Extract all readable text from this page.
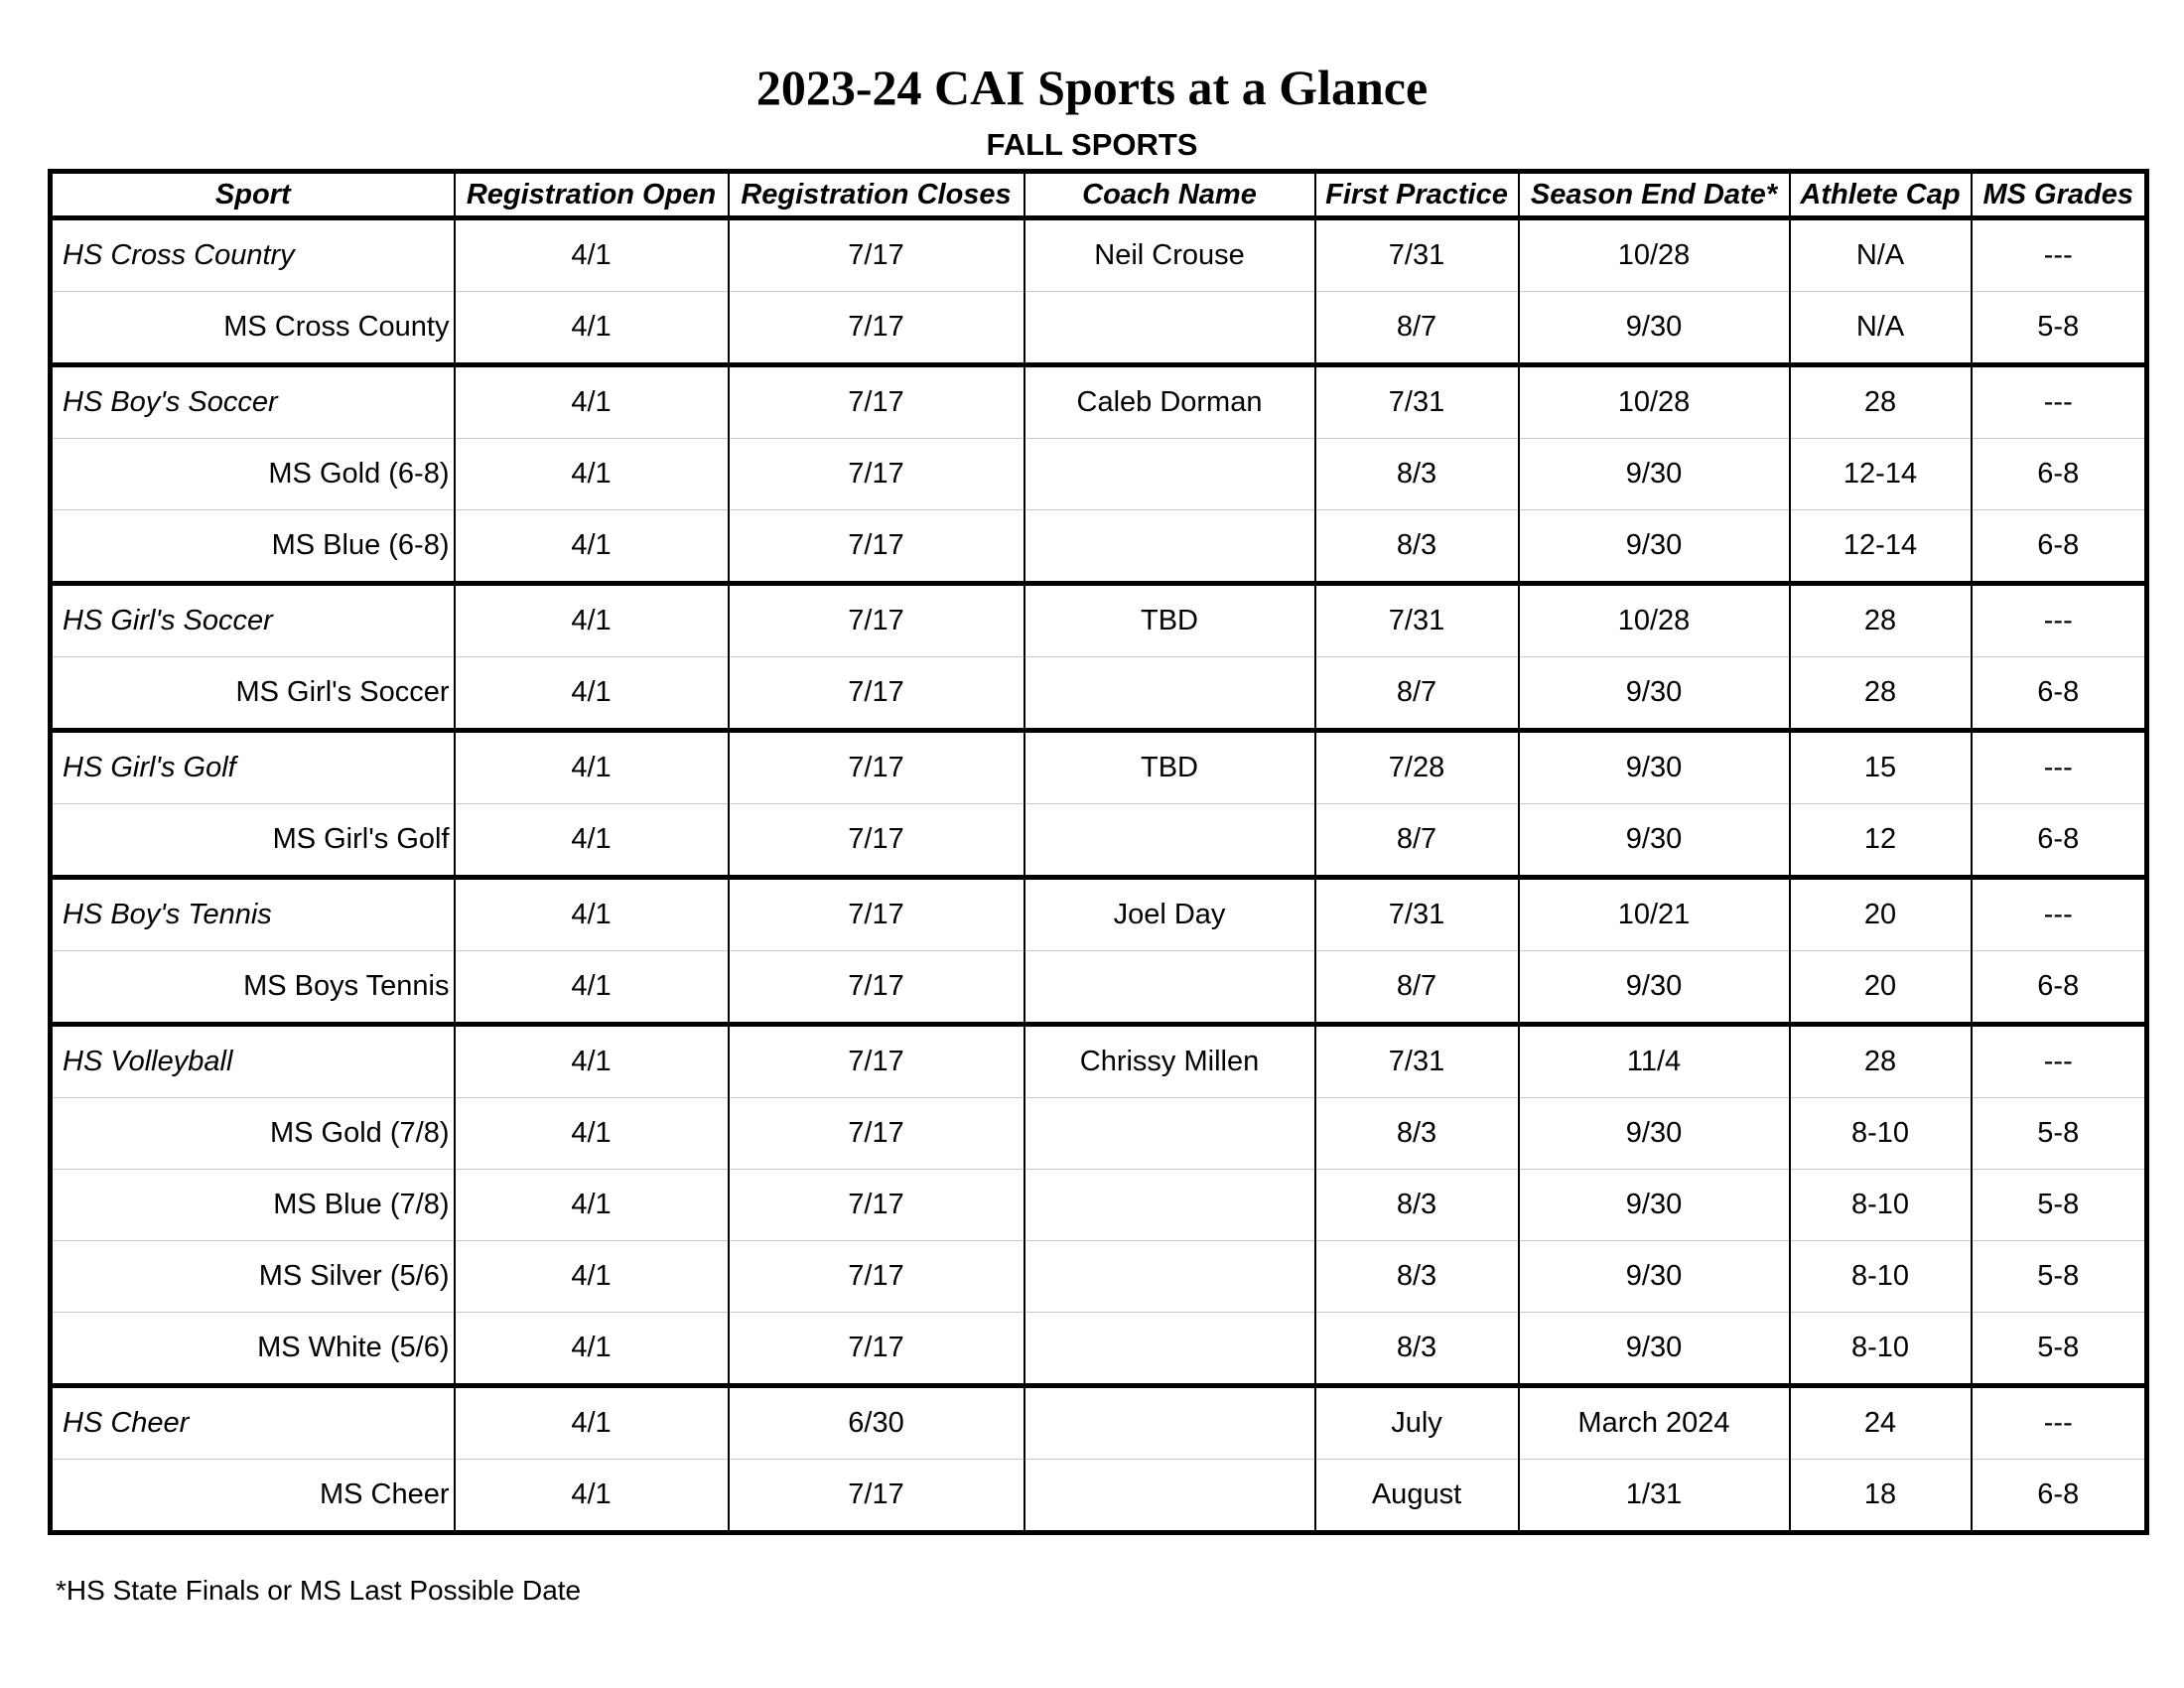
2023-24 CAI Sports at a Glance
FALL SPORTS
Sport	Registration Open	Registration Closes	Coach Name	First Practice	Season End Date*	Athlete Cap	MS Grades
HS Cross Country	4/1	7/17	Neil Crouse	7/31	10/28	N/A	---
MS Cross County	4/1	7/17		8/7	9/30	N/A	5-8
HS Boy's Soccer	4/1	7/17	Caleb Dorman	7/31	10/28	28	---
MS Gold (6-8)	4/1	7/17		8/3	9/30	12-14	6-8
MS Blue (6-8)	4/1	7/17		8/3	9/30	12-14	6-8
HS Girl's Soccer	4/1	7/17	TBD	7/31	10/28	28	---
MS Girl's Soccer	4/1	7/17		8/7	9/30	28	6-8
HS Girl's Golf	4/1	7/17	TBD	7/28	9/30	15	---
MS Girl's Golf	4/1	7/17		8/7	9/30	12	6-8
HS Boy's Tennis	4/1	7/17	Joel Day	7/31	10/21	20	---
MS Boys Tennis	4/1	7/17		8/7	9/30	20	6-8
HS Volleyball	4/1	7/17	Chrissy Millen	7/31	11/4	28	---
MS Gold (7/8)	4/1	7/17		8/3	9/30	8-10	5-8
MS Blue (7/8)	4/1	7/17		8/3	9/30	8-10	5-8
MS Silver (5/6)	4/1	7/17		8/3	9/30	8-10	5-8
MS White (5/6)	4/1	7/17		8/3	9/30	8-10	5-8
HS Cheer	4/1	6/30		July	March 2024	24	---
MS Cheer	4/1	7/17		August	1/31	18	6-8

*HS State Finals or MS Last Possible Date
